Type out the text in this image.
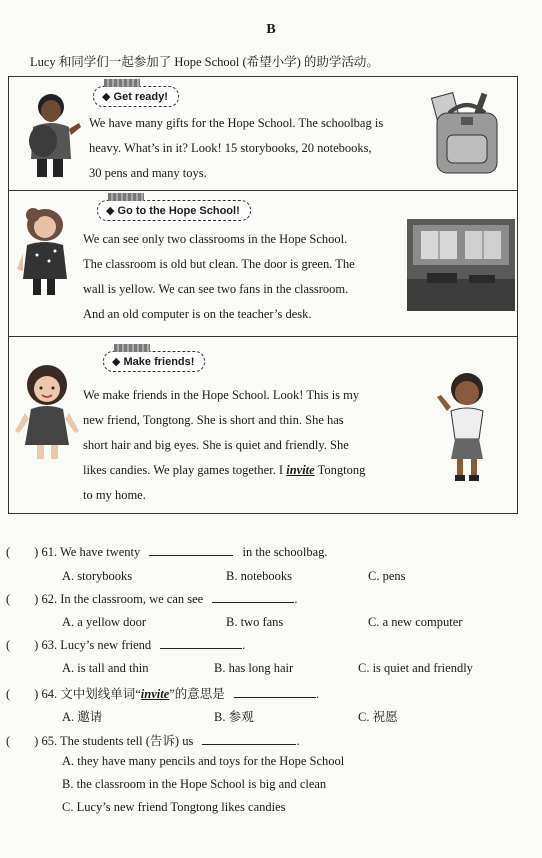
B
Lucy 和同学们一起参加了 Hope School (希望小学) 的助学活动。
◆ Get ready!
We have many gifts for the Hope School. The schoolbag is
heavy. What’s in it? Look! 15 storybooks, 20 notebooks,
30 pens and many toys.
◆ Go to the Hope School!
We can see only two classrooms in the Hope School.
The classroom is old but clean. The door is green. The
wall is yellow. We can see two fans in the classroom.
And an old computer is on the teacher’s desk.
◆ Make friends!
We make friends in the Hope School. Look! This is my
new friend, Tongtong. She is short and thin. She has
short hair and big eyes. She is quiet and friendly. She
likes candies. We play games together. I invite Tongtong
to my home.
( ) 61. We have twenty	in the schoolbag.
A. storybooks	B. notebooks	C. pens
( ) 62. In the classroom, we can see	.
A. a yellow door	B. two fans	C. a new computer
( ) 63. Lucy’s new friend	.
A. is tall and thin	B. has long hair	C. is quiet and friendly
( ) 64. 文中划线单词“invite”的意思是	.
A. 邀请	B. 参观	C. 祝愿
( ) 65. The students tell (告诉) us	.
A. they have many pencils and toys for the Hope School
B. the classroom in the Hope School is big and clean
C. Lucy’s new friend Tongtong likes candies
